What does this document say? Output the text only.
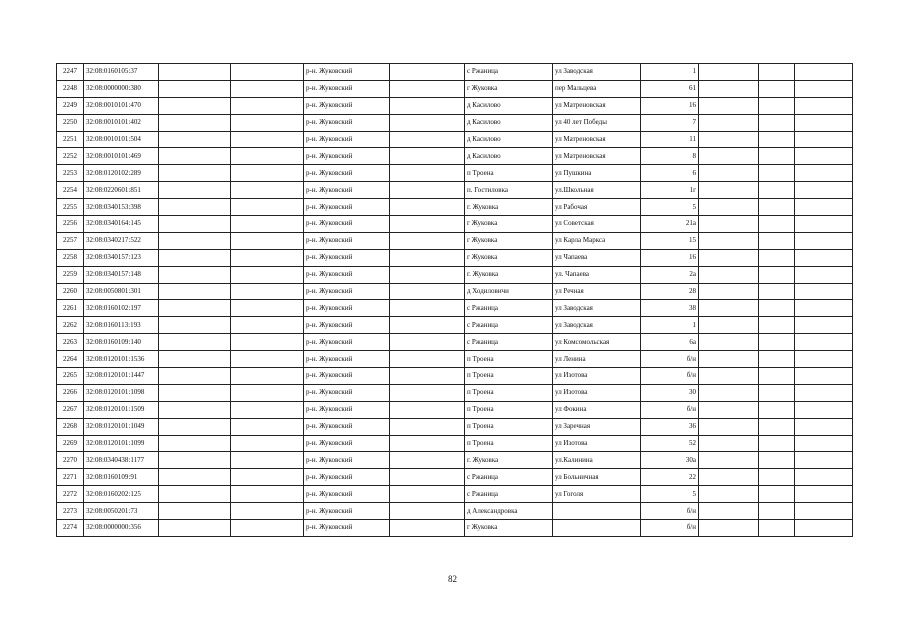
2247	32:08:0160105:37			р-н. Жуковский		с Ржаница	ул Заводская	1			
2248	32:08:0000000:380			р-н. Жуковский		г Жуковка	пер Мальцева	61			
2249	32:08:0010101:470			р-н. Жуковский		д Касилово	ул Матреновская	16			
2250	32:08:0010101:402			р-н. Жуковский		д Касилово	ул 40 лет Победы	7			
2251	32:08:0010101:504			р-н. Жуковский		д Касилово	ул Матреновская	11			
2252	32:08:0010101:469			р-н. Жуковский		д Касилово	ул Матреновская	8			
2253	32:08:0120102:289			р-н. Жуковский		п Троена	ул Пушкина	6			
2254	32:08:0220601:851			р-н. Жуковский		п. Гостиловка	ул.Школьная	1г			
2255	32:08:0340153:398			р-н. Жуковский		г. Жуковка	ул Рабочая	5			
2256	32:08:0340164:145			р-н. Жуковский		г Жуковка	ул Советская	21а			
2257	32:08:0340217:522			р-н. Жуковский		г Жуковка	ул Карла Маркса	15			
2258	32:08:0340157:123			р-н. Жуковский		г Жуковка	ул Чапаева	16			
2259	32:08:0340157:148			р-н. Жуковский		г. Жуковка	ул. Чапаева	2а			
2260	32:08:0050801:301			р-н. Жуковский		д Ходиловичи	ул Речная	28			
2261	32:08:0160102:197			р-н. Жуковский		с Ржаница	ул Заводская	38			
2262	32:08:0160113:193			р-н. Жуковский		с Ржаница	ул Заводская	1			
2263	32:08:0160109:140			р-н. Жуковский		с Ржаница	ул Комсомольская	6а			
2264	32:08:0120101:1536			р-н. Жуковский		п Троена	ул Ленина	б/н			
2265	32:08:0120101:1447			р-н. Жуковский		п Троена	ул Изотова	б/н			
2266	32:08:0120101:1098			р-н. Жуковский		п Троена	ул Изотова	30			
2267	32:08:0120101:1509			р-н. Жуковский		п Троена	ул Фокина	б/н			
2268	32:08:0120101:1049			р-н. Жуковский		п Троена	ул Заречная	36			
2269	32:08:0120101:1099			р-н. Жуковский		п Троена	ул Изотова	52			
2270	32:08:0340438:1177			р-н. Жуковский		г. Жуковка	ул.Калинина	30а			
2271	32:08:0160109:91			р-н. Жуковский		с Ржаница	ул Больничная	22			
2272	32:08:0160202:125			р-н. Жуковский		с Ржаница	ул Гоголя	5			
2273	32:08:0050201:73			р-н. Жуковский		д Александровка		б/н			
2274	32:08:0000000:356			р-н. Жуковский		г Жуковка		б/н			
82
